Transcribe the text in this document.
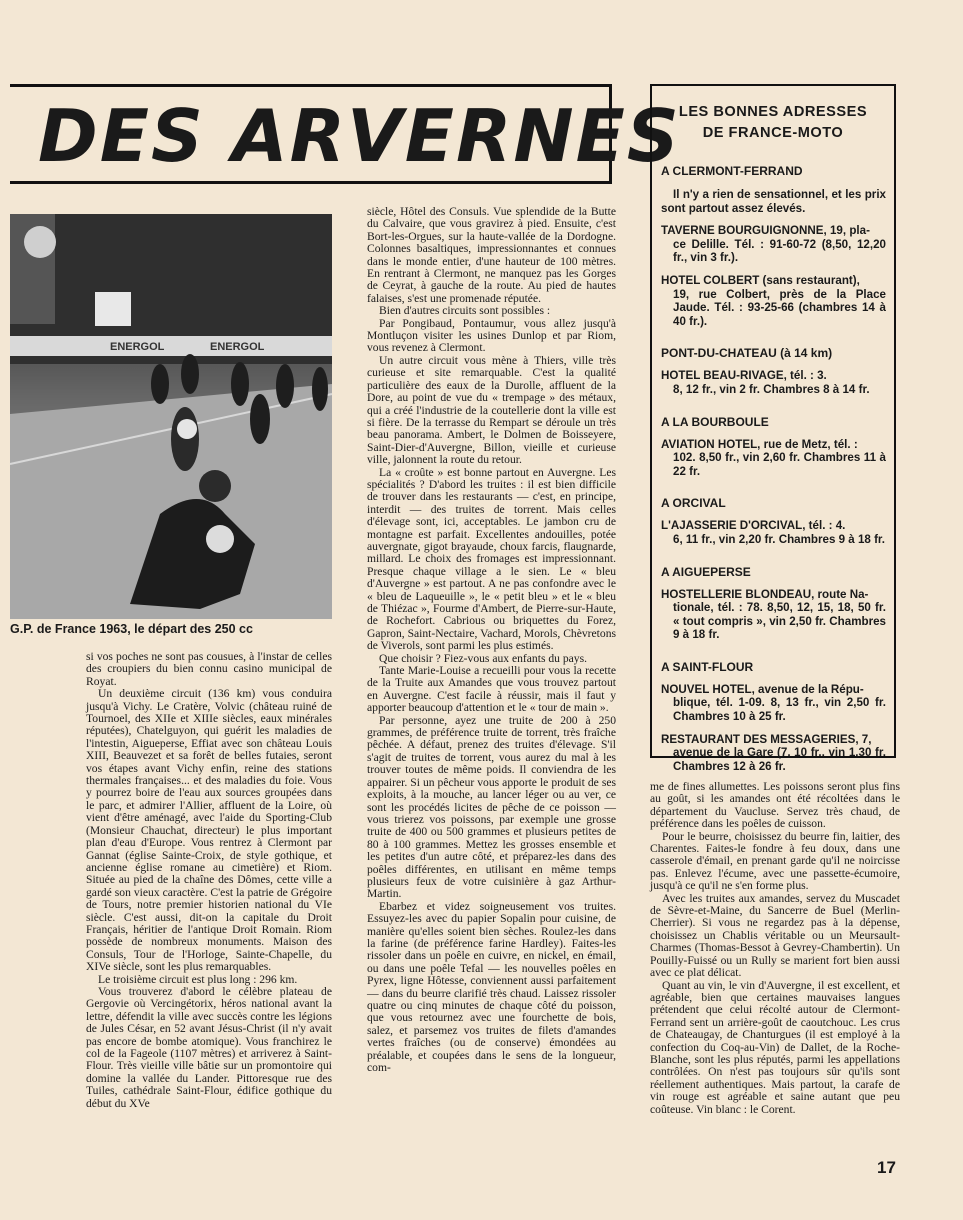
DES ARVERNES
ENERGOL	ENERGOL
G.P. de France 1963, le départ des 250 cc

si vos poches ne sont pas cousues, à l'instar de celles des croupiers du bien connu casino municipal de Royat.

Un deuxième circuit (136 km) vous conduira jusqu'à Vichy. Le Cratère, Volvic (château ruiné de Tournoel, des XIIe et XIIIe siècles, eaux minérales réputées), Chatelguyon, qui guérit les maladies de l'intestin, Aigueperse, Effiat avec son château Louis XIII, Beauvezet et sa forêt de belles futaies, seront vos étapes avant Vichy enfin, reine des stations thermales françaises... et des maladies du foie. Vous y pourrez boire de l'eau aux sources groupées dans le parc, et admirer l'Allier, affluent de la Loire, où vient d'être aménagé, avec l'aide du Sporting-Club (Monsieur Chauchat, directeur) le plus important plan d'eau d'Europe. Vous rentrez à Clermont par Gannat (église Sainte-Croix, de style gothique, et ancienne église romane au cimetière) et Riom. Située au pied de la chaîne des Dômes, cette ville a gardé son vieux caractère. C'est la patrie de Grégoire de Tours, notre premier historien national du VIe siècle. C'est aussi, dit-on la capitale du Droit Français, héritier de l'antique Droit Romain. Riom possède de nombreux monuments. Maison des Consuls, Tour de l'Horloge, Sainte-Chapelle, du XIVe siècle, sont les plus remarquables.

Le troisième circuit est plus long : 296 km.

Vous trouverez d'abord le célèbre plateau de Gergovie où Vercingétorix, héros national avant la lettre, défendit la ville avec succès contre les légions de Jules César, en 52 avant Jésus-Christ (il n'y avait pas encore de bombe atomique). Vous franchirez le col de la Fageole (1107 mètres) et arriverez à Saint-Flour. Très vieille ville bâtie sur un promontoire qui domine la vallée du Lander. Pittoresque rue des Tuiles, cathédrale Saint-Flour, édifice gothique du début du XVe

siècle, Hôtel des Consuls. Vue splendide de la Butte du Calvaire, que vous gravirez à pied. Ensuite, c'est Bort-les-Orgues, sur la haute-vallée de la Dordogne. Colonnes basaltiques, impressionnantes et connues dans le monde entier, d'une hauteur de 100 mètres. En rentrant à Clermont, ne manquez pas les Gorges de Ceyrat, à gauche de la route. Au pied de hautes falaises, s'est une promenade réputée.

Bien d'autres circuits sont possibles :

Par Pongibaud, Pontaumur, vous allez jusqu'à Montluçon visiter les usines Dunlop et par Riom, vous revenez à Clermont.

Un autre circuit vous mène à Thiers, ville très curieuse et site remarquable. C'est la qualité particulière des eaux de la Durolle, affluent de la Dore, au point de vue du « trempage » des métaux, qui a créé l'industrie de la coutellerie dont la ville est si fière. De la terrasse du Rempart se déroule un très beau panorama. Ambert, le Dolmen de Boisseyere, Saint-Dier-d'Auvergne, Billon, vieille et curieuse ville, jalonnent la route du retour.

La « croûte » est bonne partout en Auvergne. Les spécialités ? D'abord les truites : il est bien difficile de trouver dans les restaurants — c'est, en principe, interdit — des truites de torrent. Mais celles d'élevage sont, ici, acceptables. Le jambon cru de montagne est parfait. Excellentes andouilles, potée auvergnate, gigot brayaude, choux farcis, flaugnarde, millard. Le choix des fromages est impressionnant. Presque chaque village a le sien. Le « bleu d'Auvergne » est partout. A ne pas confondre avec le « bleu de Laqueuille », le « petit bleu » et le « bleu de Thiézac », Fourme d'Ambert, de Pierre-sur-Haute, de Rochefort. Cabrious ou briquettes du Forez, Gapron, Saint-Nectaire, Vachard, Morols, Chèvretons de Viverols, sont parmi les plus estimés.

Que choisir ? Fiez-vous aux enfants du pays.

Tante Marie-Louise a recueilli pour vous la recette de la Truite aux Amandes que vous trouvez partout en Auvergne. C'est facile à réussir, mais il faut y apporter beaucoup d'attention et le « tour de main ».

Par personne, ayez une truite de 200 à 250 grammes, de préférence truite de torrent, très fraîche pêchée. A défaut, prenez des truites d'élevage. S'il s'agit de truites de torrent, vous aurez du mal à les trouver toutes de même poids. Il conviendra de les appairer. Si un pêcheur vous apporte le produit de ses exploits, à la mouche, au lancer léger ou au ver, ce sont les procédés licites de pêche de ce poisson — vous trierez vos poissons, par exemple une grosse truite de 400 ou 500 grammes et plusieurs petites de 80 à 100 grammes. Mettez les grosses ensemble et les petites d'un autre côté, et préparez-les dans des poêles différentes, en utilisant en même temps plusieurs feux de votre cuisinière à gaz Arthur-Martin.

Ebarbez et videz soigneusement vos truites. Essuyez-les avec du papier Sopalin pour cuisine, de manière qu'elles soient bien sèches. Roulez-les dans la farine (de préférence farine Hardley). Faites-les rissoler dans un poêle en cuivre, en nickel, en émail, ou dans une poêle Tefal — les nouvelles poêles en Pyrex, ligne Hôtesse, conviennent aussi parfaitement — dans du beurre clarifié très chaud. Laissez rissoler quatre ou cinq minutes de chaque côté du poisson, que vous retournez avec une fourchette de bois, salez, et parsemez vos truites de filets d'amandes vertes fraîches (ou de conserve) émondées au préalable, et coupées dans le sens de la longueur, com-

LES BONNES ADRESSES
DE FRANCE-MOTO
A CLERMONT-FERRAND
Il n'y a rien de sensationnel, et les prix sont partout assez élevés.
TAVERNE BOURGUIGNONNE, 19, pla-
ce Delille. Tél. : 91-60-72 (8,50, 12,20 fr., vin 3 fr.).
HOTEL COLBERT (sans restaurant),
19, rue Colbert, près de la Place Jaude. Tél. : 93-25-66 (chambres 14 à 40 fr.).
PONT-DU-CHATEAU (à 14 km)
HOTEL BEAU-RIVAGE, tél. : 3.
8, 12 fr., vin 2 fr. Chambres 8 à 14 fr.
A LA BOURBOULE
AVIATION HOTEL, rue de Metz, tél. :
102. 8,50 fr., vin 2,60 fr. Chambres 11 à 22 fr.
A ORCIVAL
L'AJASSERIE D'ORCIVAL, tél. : 4.
6, 11 fr., vin 2,20 fr. Chambres 9 à 18 fr.
A AIGUEPERSE
HOSTELLERIE BLONDEAU, route Na-
tionale, tél. : 78. 8,50, 12, 15, 18, 50 fr. « tout compris », vin 2,50 fr. Chambres 9 à 18 fr.
A SAINT-FLOUR
NOUVEL HOTEL, avenue de la Répu-
blique, tél. 1-09. 8, 13 fr., vin 2,50 fr. Chambres 10 à 25 fr.
RESTAURANT DES MESSAGERIES, 7,
avenue de la Gare (7, 10 fr., vin 1,30 fr. Chambres 12 à 26 fr.

me de fines allumettes. Les poissons seront plus fins au goût, si les amandes ont été récoltées dans le département du Vaucluse. Servez très chaud, de préférence dans les poêles de cuisson.

Pour le beurre, choisissez du beurre fin, laitier, des Charentes. Faites-le fondre à feu doux, dans une casserole d'émail, en prenant garde qu'il ne noircisse pas. Enlevez l'écume, avec une passette-écumoire, jusqu'à ce qu'il ne s'en forme plus.

Avec les truites aux amandes, servez du Muscadet de Sèvre-et-Maine, du Sancerre de Buel (Merlin-Cherrier). Si vous ne regardez pas à la dépense, choisissez un Chablis véritable ou un Meursault-Charmes (Thomas-Bessot à Gevrey-Chambertin). Un Pouilly-Fuissé ou un Rully se marient fort bien aussi avec ce plat délicat.

Quant au vin, le vin d'Auvergne, il est excellent, et agréable, bien que certaines mauvaises langues prétendent que celui récolté autour de Clermont-Ferrand sent un arrière-goût de caoutchouc. Les crus de Chateaugay, de Chanturgues (il est employé à la confection du Coq-au-Vin) de Dallet, de la Roche-Blanche, sont les plus réputés, parmi les appellations contrôlées. On n'est pas toujours sûr qu'ils sont réellement authentiques. Mais partout, la carafe de vin rouge est agréable et saine autant que peu coûteuse. Vin blanc : le Corent.

17
